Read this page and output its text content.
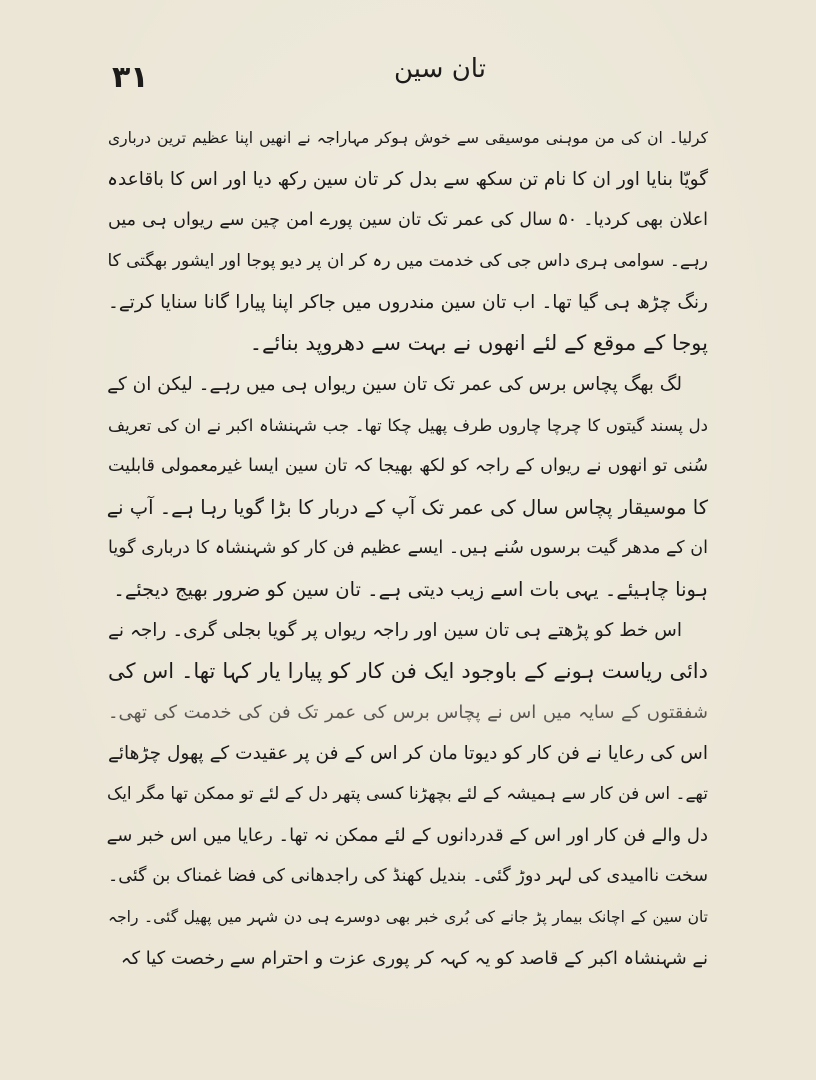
۳۱	تان سین
کرلیا۔ ان کی من موہنی موسیقی سے خوش ہوکر مہاراجہ نے انھیں اپنا عظیم ترین درباری
گویّا بنایا اور ان کا نام تن سکھ سے بدل کر تان سین رکھ دیا اور اس کا باقاعدہ
اعلان بھی کردیا۔ ۵۰ سال کی عمر تک تان سین پورے امن چین سے ریواں ہی میں
رہے۔ سوامی ہری داس جی کی خدمت میں رہ کر ان پر دیو پوجا اور ایشور بھگتی کا
رنگ چڑھ ہی گیا تھا۔ اب تان سین مندروں میں جاکر اپنا پیارا گانا سنایا کرتے۔
پوجا کے موقع کے لئے انھوں نے بہت سے دھروپد بنائے۔
لگ بھگ پچاس برس کی عمر تک تان سین ریواں ہی میں رہے۔ لیکن ان کے
دل پسند گیتوں کا چرچا چاروں طرف پھیل چکا تھا۔ جب شہنشاہ اکبر نے ان کی تعریف
سُنی تو انھوں نے ریواں کے راجہ کو لکھ بھیجا کہ تان سین ایسا غیرمعمولی قابلیت
کا موسیقار پچاس سال کی عمر تک آپ کے دربار کا بڑا گویا رہا ہے۔ آپ نے
ان کے مدھر گیت برسوں سُنے ہیں۔ ایسے عظیم فن کار کو شہنشاہ کا درباری گویا
ہونا چاہیئے۔ یہی بات اسے زیب دیتی ہے۔ تان سین کو ضرور بھیج دیجئے۔
اس خط کو پڑھتے ہی تان سین اور راجہ ریواں پر گویا بجلی گری۔ راجہ نے
دائی ریاست ہونے کے باوجود ایک فن کار کو پیارا یار کہا تھا۔ اس کی
شفقتوں کے سایہ میں اس نے پچاس برس کی عمر تک فن کی خدمت کی تھی۔
اس کی رعایا نے فن کار کو دیوتا مان کر اس کے فن پر عقیدت کے پھول چڑھائے
تھے۔ اس فن کار سے ہمیشہ کے لئے بچھڑنا کسی پتھر دل کے لئے تو ممکن تھا مگر ایک
دل والے فن کار اور اس کے قدردانوں کے لئے ممکن نہ تھا۔ رعایا میں اس خبر سے
سخت ناامیدی کی لہر دوڑ گئی۔ بندیل کھنڈ کی راجدھانی کی فضا غمناک بن گئی۔
تان سین کے اچانک بیمار پڑ جانے کی بُری خبر بھی دوسرے ہی دن شہر میں پھیل گئی۔ راجہ
نے شہنشاہ اکبر کے قاصد کو یہ کہہ کر پوری عزت و احترام سے رخصت کیا کہ
